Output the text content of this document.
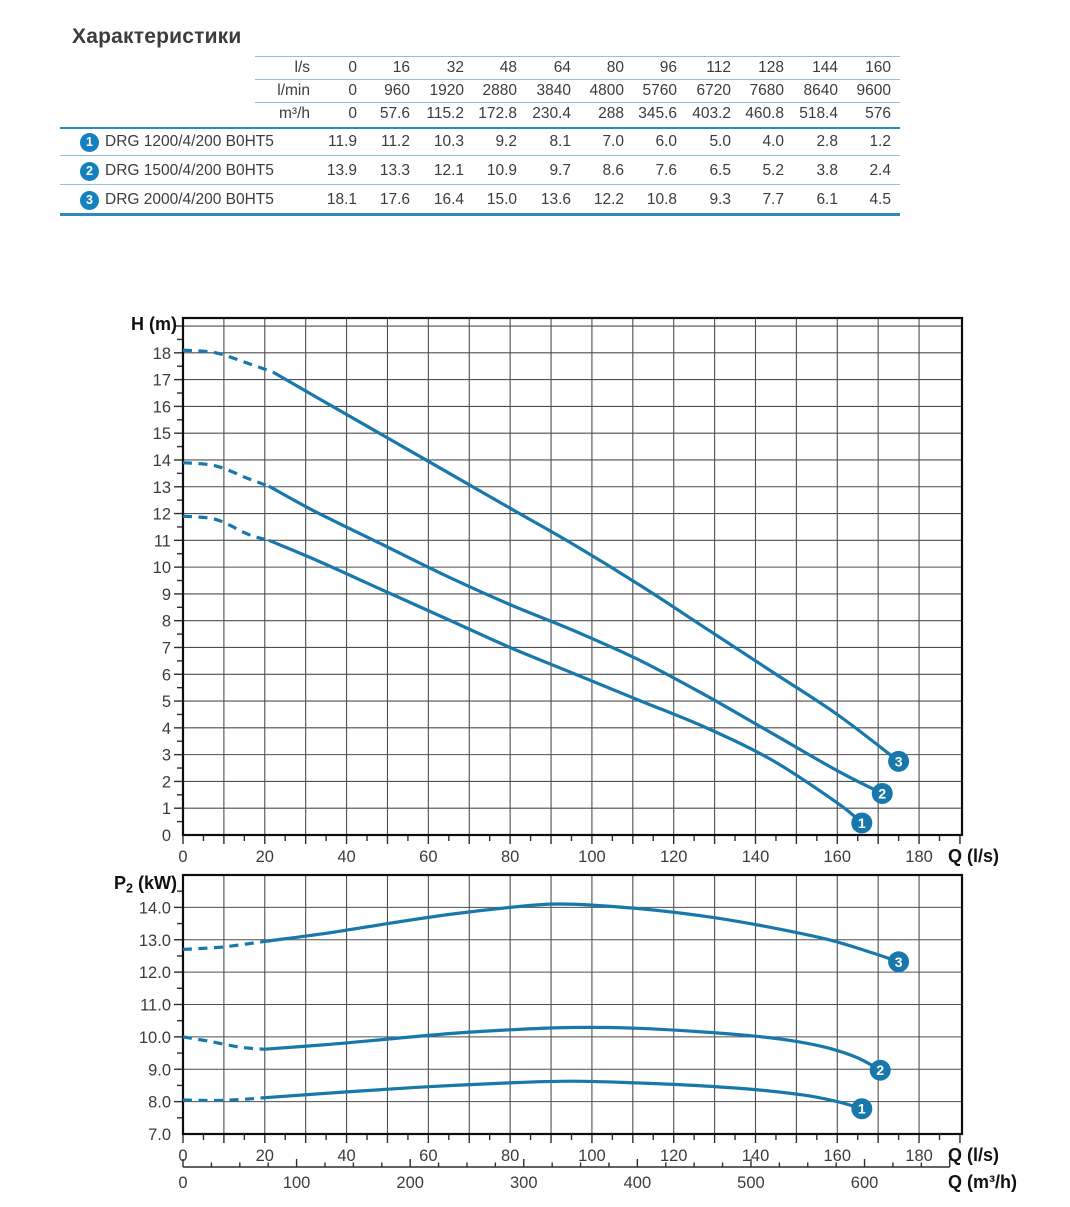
Характеристики
l/s 0 16 32 48 64 80 96 112 128 144 160
l/min 0 960 1920 2880 3840 4800 5760 6720 7680 8640 9600
m³/h 0 57.6 115.2 172.8 230.4 288 345.6 403.2 460.8 518.4 576
1 DRG 1200/4/200 B0HT5	11.9 11.2 10.3 9.2 8.1 7.0 6.0 5.0 4.0 2.8 1.2
2 DRG 1500/4/200 B0HT5	13.9 13.3 12.1 10.9 9.7 8.6 7.6 6.5 5.2 3.8 2.4
3 DRG 2000/4/200 B0HT5	18.1 17.6 16.4 15.0 13.6 12.2 10.8 9.3 7.7 6.1 4.5
0	20	40	60	80	100	120	140	160	180
0
1
2
3
4
5
6
7
8
9
10
11
12
13
14
15
16
17
18
Q (l/s)
H (m)
1
2
3
0	20	40	60	80	100	120	140	160	180
7.0
8.0
9.0
10.0
11.0
12.0
13.0
14.0
Q (l/s)
P2 (kW)
0	100	200	300	400	500	600	Q (m³/h)
1
2
3
